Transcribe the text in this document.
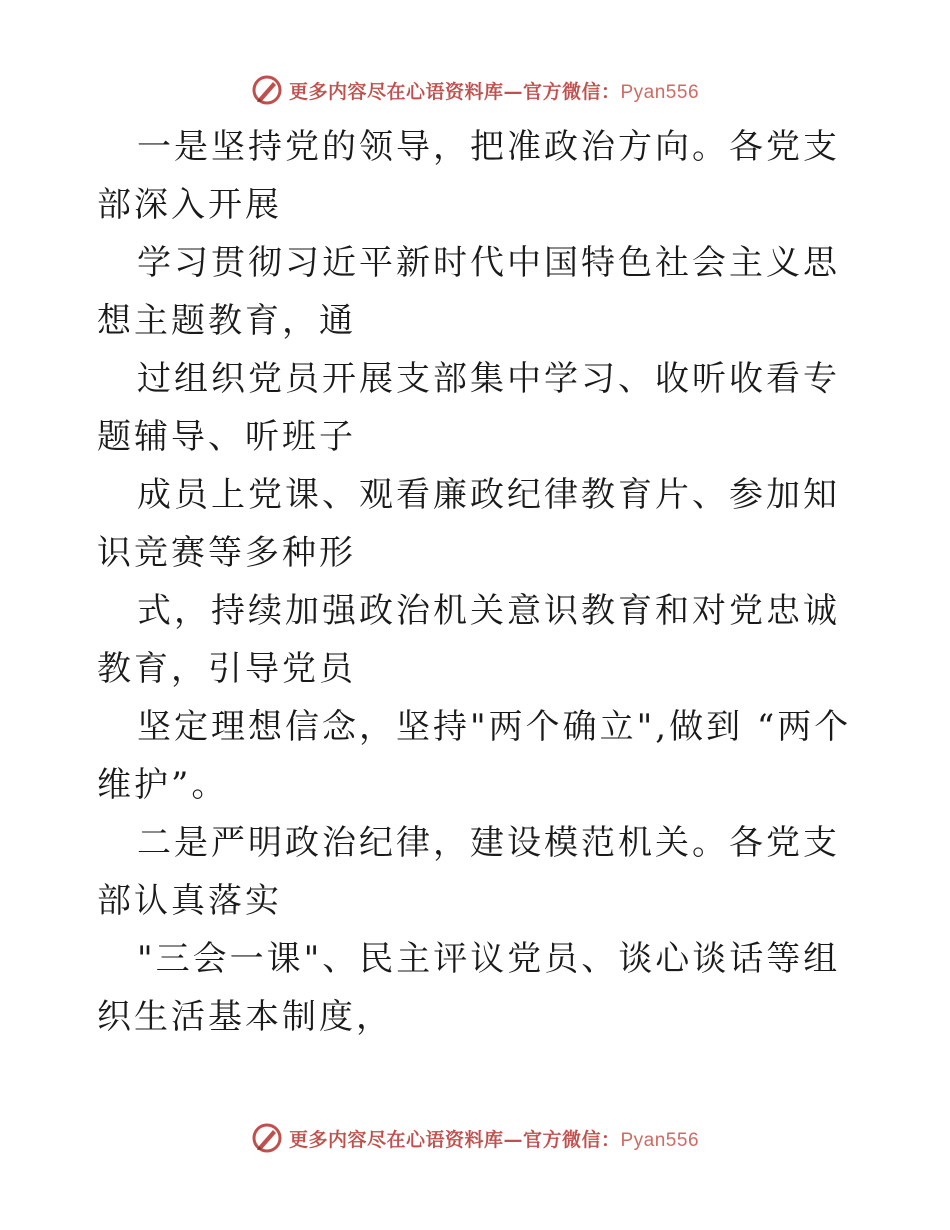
更多内容尽在心语资料库—官方微信：Pyan556

一是坚持党的领导，把准政治方向。各党支部深入开展

学习贯彻习近平新时代中国特色社会主义思想主题教育，通

过组织党员开展支部集中学习、收听收看专题辅导、听班子

成员上党课、观看廉政纪律教育片、参加知识竞赛等多种形

式，持续加强政治机关意识教育和对党忠诚教育，引导党员

坚定理想信念，坚持"两个确立",做到 “两个维护”。

二是严明政治纪律，建设模范机关。各党支部认真落实

"三会一课"、民主评议党员、谈心谈话等组织生活基本制度，

更多内容尽在心语资料库—官方微信：Pyan556
